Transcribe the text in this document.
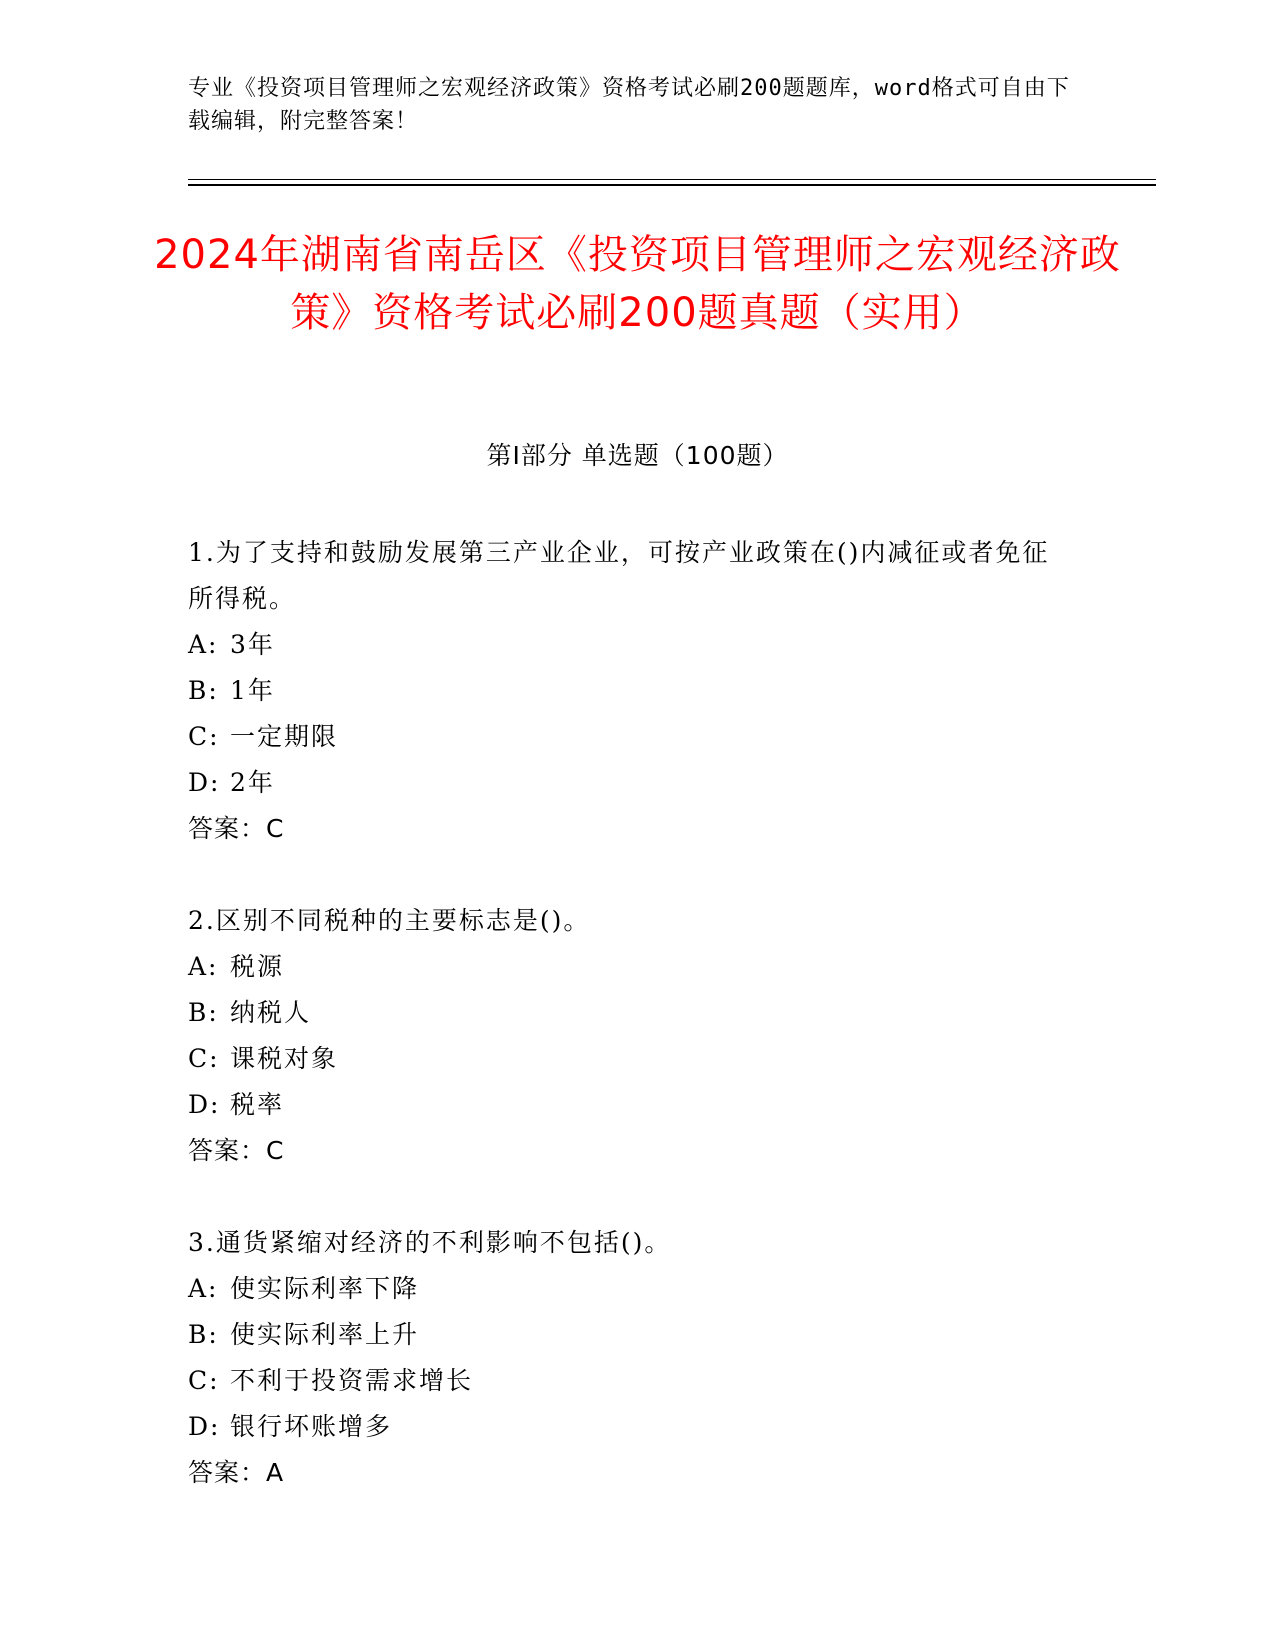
专业《投资项目管理师之宏观经济政策》资格考试必刷200题题库，word格式可自由下载编辑，附完整答案！
2024年湖南省南岳区《投资项目管理师之宏观经济政策》资格考试必刷200题真题（实用）
第I部分 单选题（100题）
1.为了支持和鼓励发展第三产业企业，可按产业政策在()内减征或者免征所得税。
A: 3年
B: 1年
C: 一定期限
D: 2年
答案：C
2.区别不同税种的主要标志是()。
A: 税源
B: 纳税人
C: 课税对象
D: 税率
答案：C
3.通货紧缩对经济的不利影响不包括()。
A: 使实际利率下降
B: 使实际利率上升
C: 不利于投资需求增长
D: 银行坏账增多
答案：A
